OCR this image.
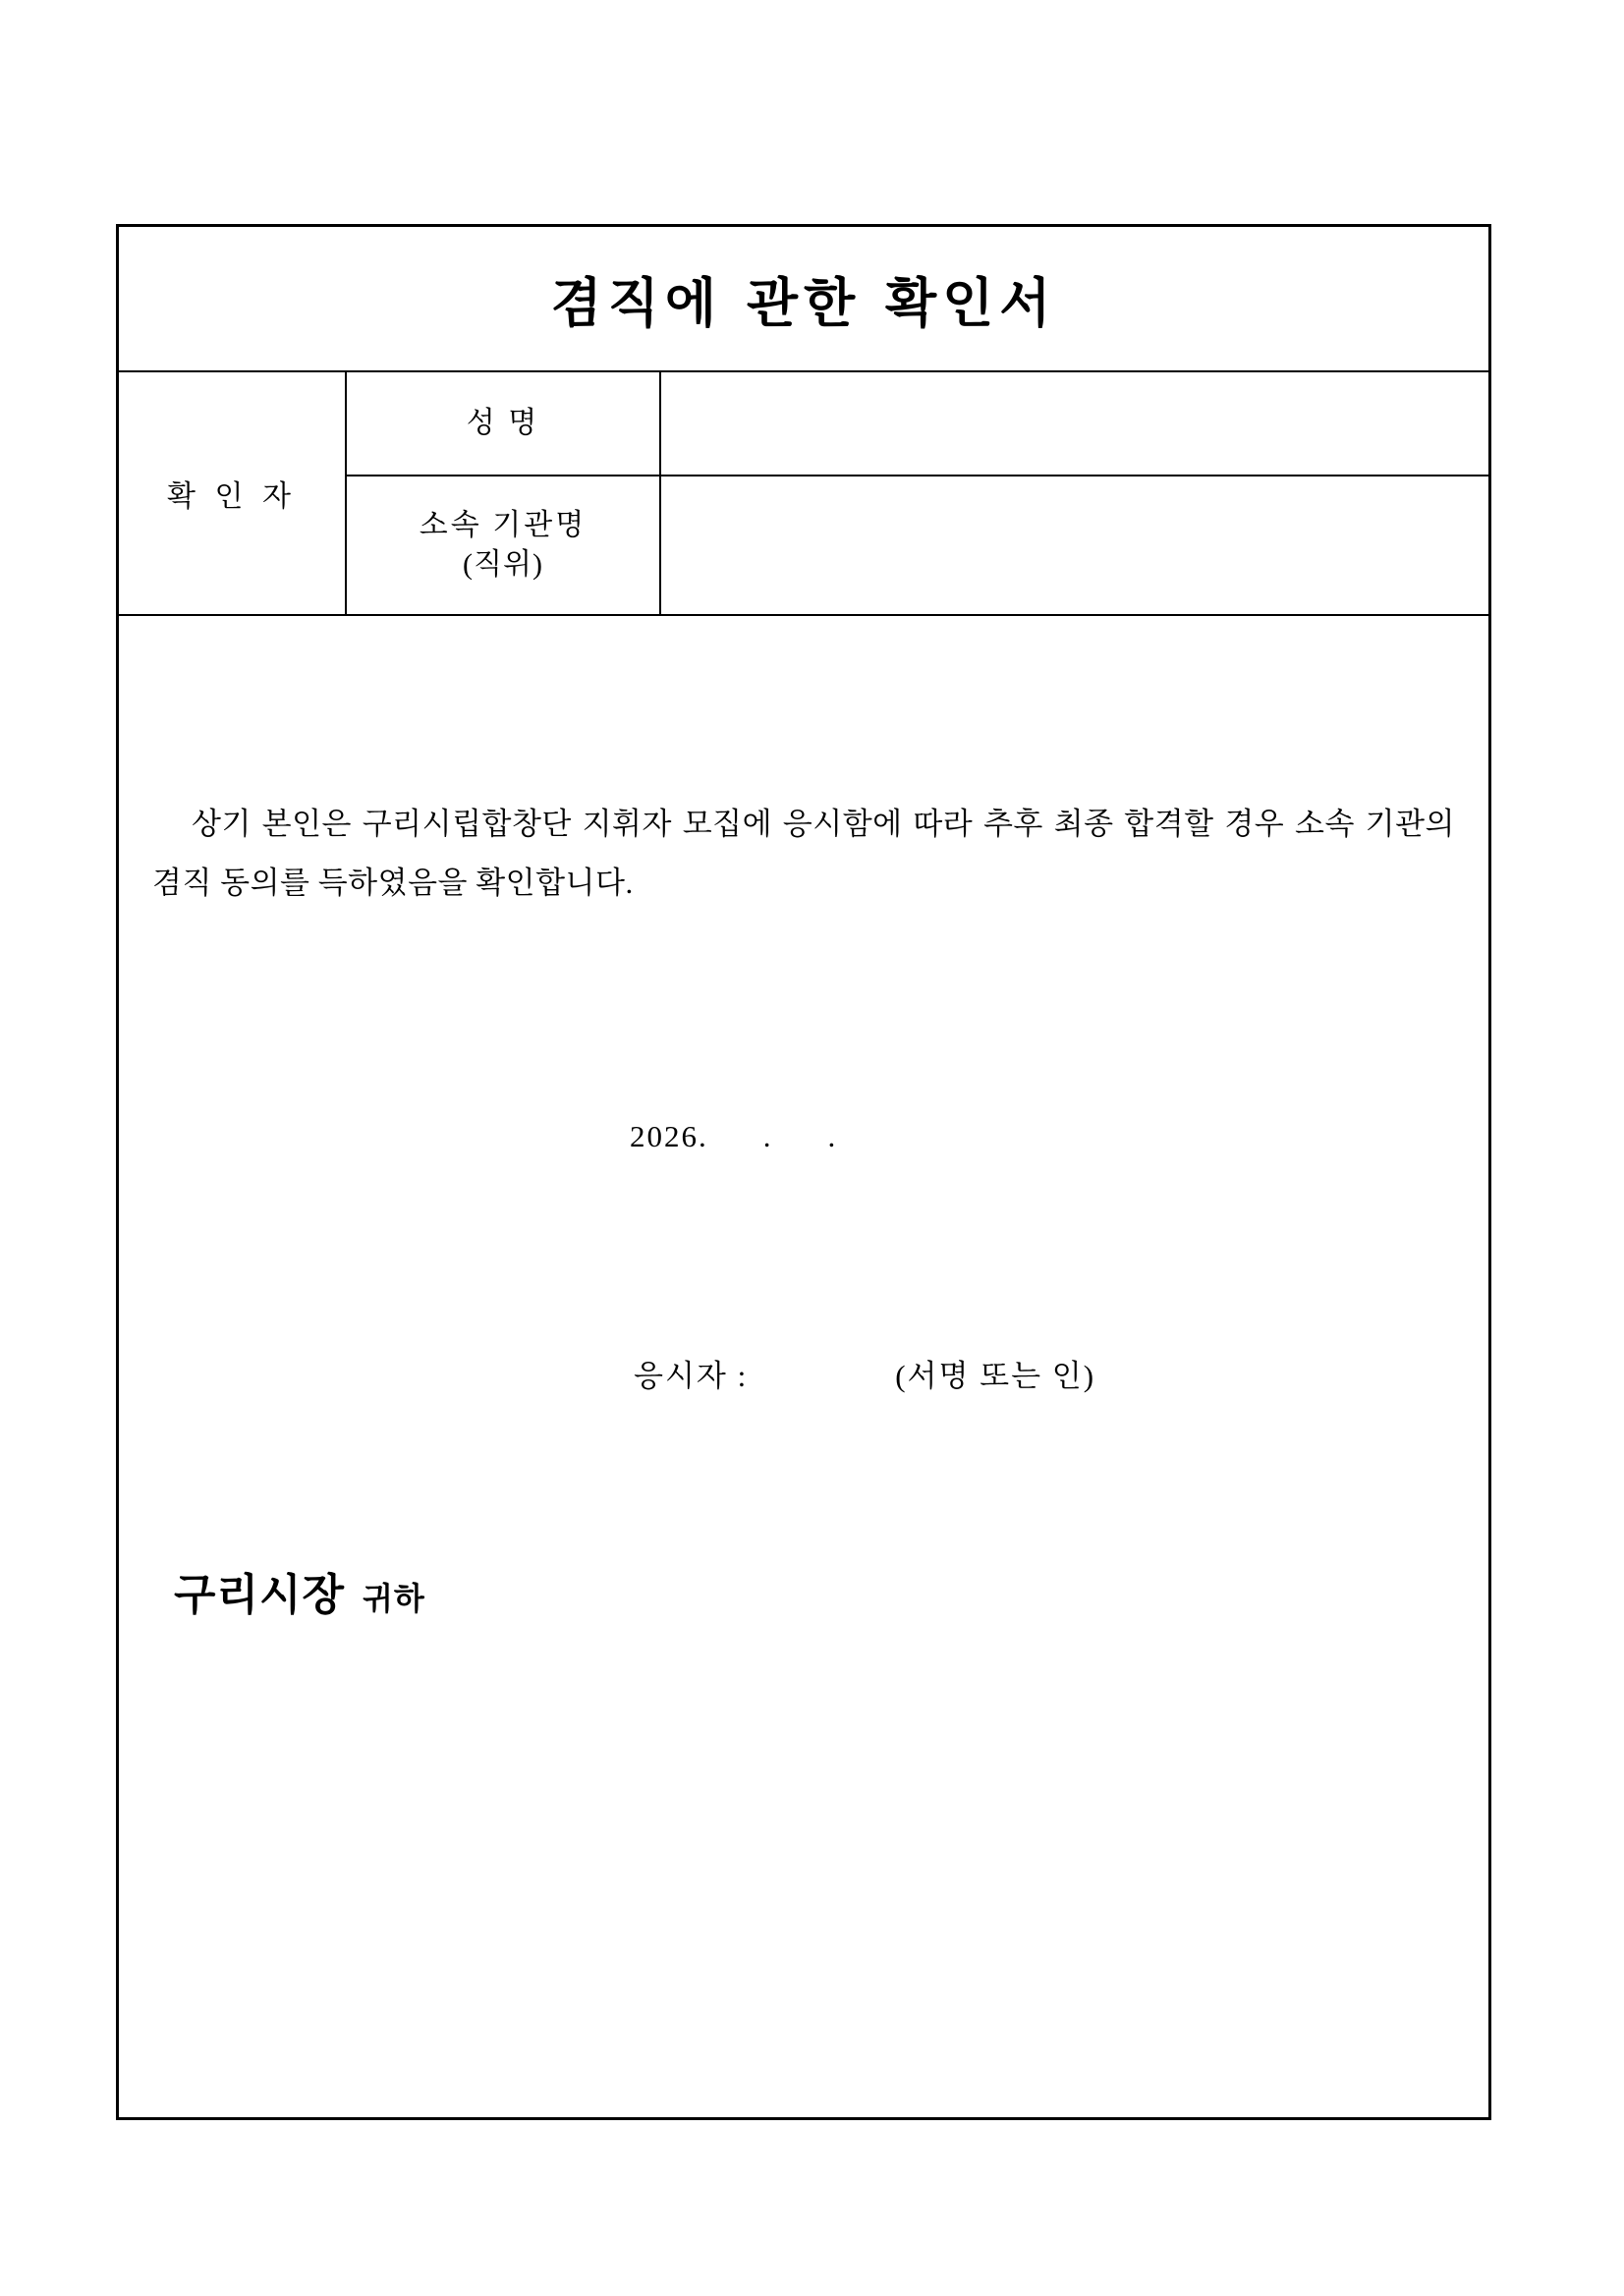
겸직에 관한 확인서
확 인 자
성 명
소속 기관명
(직위)
상기 본인은 구리시립합창단 지휘자 모집에 응시함에 따라 추후 최종 합격할 경우 소속 기관의 겸직 동의를 득하였음을 확인합니다.
2026. . .
응시자 :	(서명 또는 인)
구리시장 귀하
